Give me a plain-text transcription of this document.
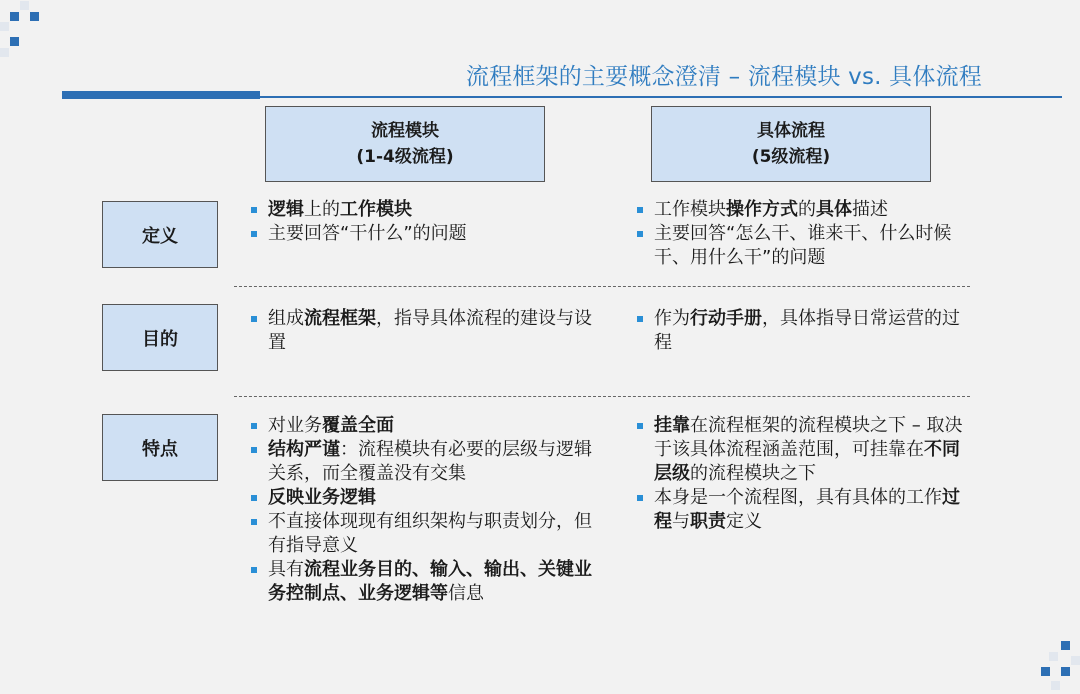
流程框架的主要概念澄清 – 流程模块 vs. 具体流程
流程模块
(1-4级流程)
具体流程
(5级流程)
定义
目的
特点
逻辑上的工作模块
主要回答“干什么”的问题
工作模块操作方式的具体描述
主要回答“怎么干、谁来干、什么时候干、用什么干”的问题
组成流程框架，指导具体流程的建设与设置
作为行动手册，具体指导日常运营的过程
对业务覆盖全面
结构严谨：流程模块有必要的层级与逻辑关系，而全覆盖没有交集
反映业务逻辑
不直接体现现有组织架构与职责划分，但有指导意义
具有流程业务目的、输入、输出、关键业务控制点、业务逻辑等信息
挂靠在流程框架的流程模块之下 – 取决于该具体流程涵盖范围，可挂靠在不同层级的流程模块之下
本身是一个流程图，具有具体的工作过程与职责定义
